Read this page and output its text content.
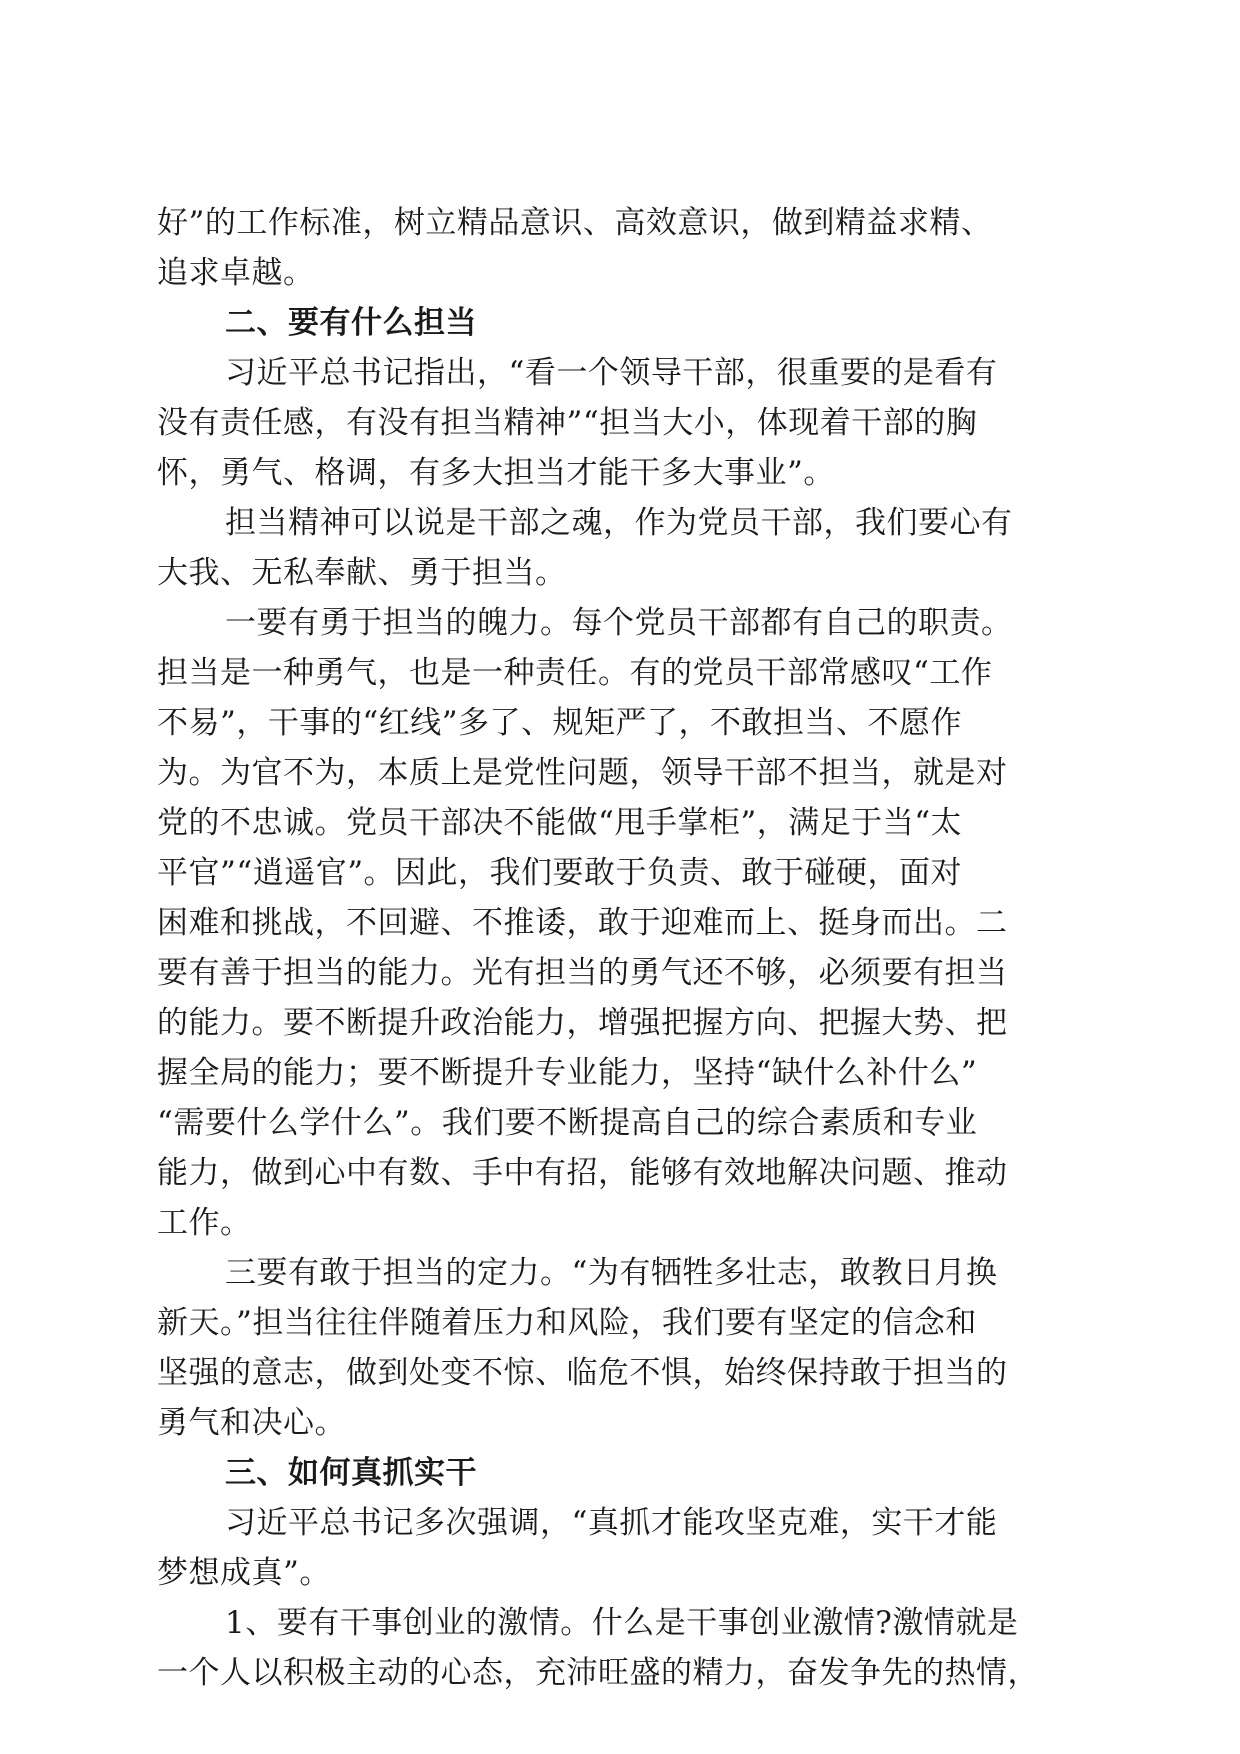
好”的工作标准，树立精品意识、高效意识，做到精益求精、
追求卓越。
二、要有什么担当
习近平总书记指出，“看一个领导干部，很重要的是看有
没有责任感，有没有担当精神”“担当大小，体现着干部的胸
怀，勇气、格调，有多大担当才能干多大事业”。
担当精神可以说是干部之魂，作为党员干部，我们要心有
大我、无私奉献、勇于担当。
一要有勇于担当的魄力。每个党员干部都有自己的职责。
担当是一种勇气，也是一种责任。有的党员干部常感叹“工作
不易”，干事的“红线”多了、规矩严了，不敢担当、不愿作
为。为官不为，本质上是党性问题，领导干部不担当，就是对
党的不忠诚。党员干部决不能做“甩手掌柜”，满足于当“太
平官”“逍遥官”。因此，我们要敢于负责、敢于碰硬，面对
困难和挑战，不回避、不推诿，敢于迎难而上、挺身而出。二
要有善于担当的能力。光有担当的勇气还不够，必须要有担当
的能力。要不断提升政治能力，增强把握方向、把握大势、把
握全局的能力；要不断提升专业能力，坚持“缺什么补什么”
“需要什么学什么”。我们要不断提高自己的综合素质和专业
能力，做到心中有数、手中有招，能够有效地解决问题、推动
工作。
三要有敢于担当的定力。“为有牺牲多壮志，敢教日月换
新天。”担当往往伴随着压力和风险，我们要有坚定的信念和
坚强的意志，做到处变不惊、临危不惧，始终保持敢于担当的
勇气和决心。
三、如何真抓实干
习近平总书记多次强调，“真抓才能攻坚克难，实干才能
梦想成真”。
1、要有干事创业的激情。什么是干事创业激情?激情就是
一个人以积极主动的心态，充沛旺盛的精力，奋发争先的热情，
